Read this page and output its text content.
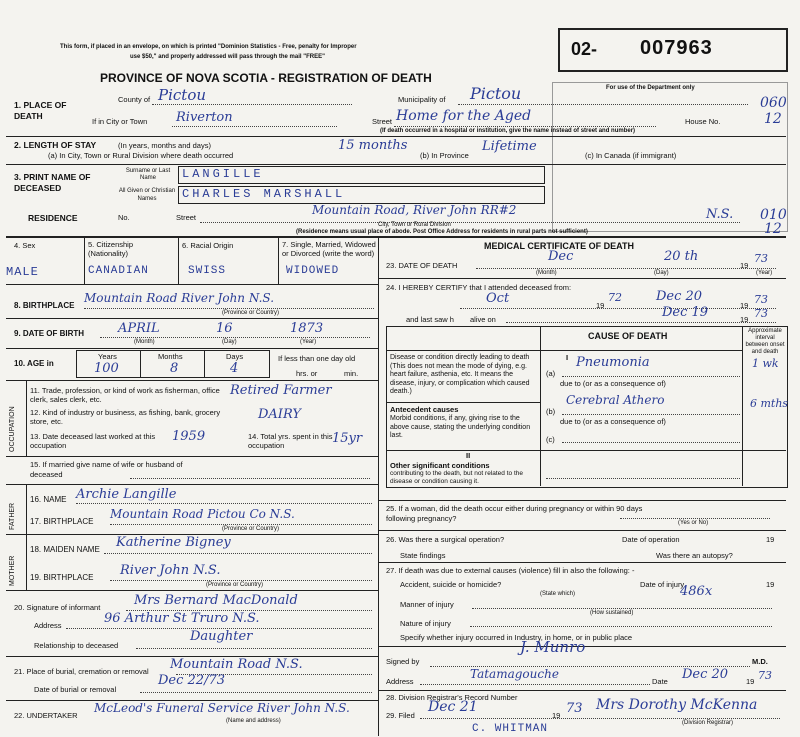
This form, if placed in an envelope, on which is printed "Dominion Statistics - Free, penalty for Improper
use $50," and properly addressed will pass through the mail "FREE"
PROVINCE OF NOVA SCOTIA - REGISTRATION OF DEATH
02- 007963
For use of the Department only
060
12
010
12
1. PLACE OF DEATH
County of Pictou	Municipality of Pictou
If in City or Town Riverton	Street Home for the Aged	House No.
(If death occurred in a hospital or institution, give the name instead of street and number)
2. LENGTH OF STAY	(In years, months and days)
(a) In City, Town or Rural Division where death occurred
15 months
(b) In Province
Lifetime
(c) In Canada (if immigrant)
3. PRINT NAME OF DECEASED
Surname or Last Name
All Given or Christian Names
LANGILLE
CHARLES MARSHALL
RESIDENCE	No.	Street
Mountain Road, River John RR#2	N.S.
City, Town or Rural Division
(Residence means usual place of abode. Post Office Address for residents in rural parts not sufficient)
4. Sex	5. Citizenship (Nationality)
6. Racial Origin	7. Single, Married, Widowed or Divorced (write the word)
MALE	CANADIAN	SWISS	WIDOWED
8. BIRTHPLACE
Mountain Road River John N.S.
(Province or Country)
9. DATE OF BIRTH	APRIL	16	1873
(Month)	(Day)	(Year)
10. AGE in
Years	Months	Days
100	8	4
If less than one day old
hrs. or	min.
OCCUPATION
11. Trade, profession, or kind of work as fisherman, office clerk, sales clerk, etc.
Retired Farmer
12. Kind of industry or business, as fishing, bank, grocery store, etc.	DAIRY
13. Date deceased last worked at this occupation
1959	14. Total yrs. spent in this occupation	15yr
15. If married give name of wife or husband of deceased
FATHER
16. NAME Archie Langille
17. BIRTHPLACE
Mountain Road Pictou Co N.S.
(Province or Country)
MOTHER
18. MAIDEN NAME Katherine Bigney
19. BIRTHPLACE River John N.S.
(Province or Country)
20. Signature of informant	Mrs Bernard MacDonald
Address	96 Arthur St Truro N.S.
Relationship to deceased
Daughter
21. Place of burial, cremation or removal Mountain Road N.S.
Date of burial or removal
Dec 22/73
22. UNDERTAKER
McLeod's Funeral Service River John N.S.
(Name and address)
MEDICAL CERTIFICATE OF DEATH
23. DATE OF DEATH
Dec	20 th
19
73
(Month)	(Day)	(Year)
24. I HEREBY CERTIFY that I attended deceased from:
Oct	19
72	Dec 20
19 73
and last saw h alive on	Dec 19	19 73
CAUSE OF DEATH	Approximate interval between onset and death
I
Disease or condition directly leading to death (This does not mean the mode of dying, e.g. heart failure, asthenia, etc. It means the disease, injury, or complication which caused death.)
(a)
Pneumonia	1 wk
due to (or as a consequence of)
Antecedent causes
Morbid conditions, if any, giving rise to the above cause, stating the underlying condition last.
(b)
Cerebral Athero	6 mths
due to (or as a consequence of)
(c)
II
Other significant conditions
contributing to the death, but not related to the disease or condition causing it.
25. If a woman, did the death occur either during pregnancy or within 90 days following pregnancy?	(Yes or No)
26. Was there a surgical operation?	Date of operation	19
State findings	Was there an autopsy?
27. If death was due to external causes (violence) fill in also the following: -
Accident, suicide or homicide?	Date of injury	19
(State which)	486x
Manner of injury
(How sustained)
Nature of injury
Specify whether injury occurred in Industry, in home, or in public place
Signed by
J. Munro
M.D.
Address
Tatamagouche
Date Dec 20 19 73
28. Division Registrar's Record Number
29. Filed
Dec 21
19 73 Mrs Dorothy McKenna
(Division Registrar)
C. WHITMAN
